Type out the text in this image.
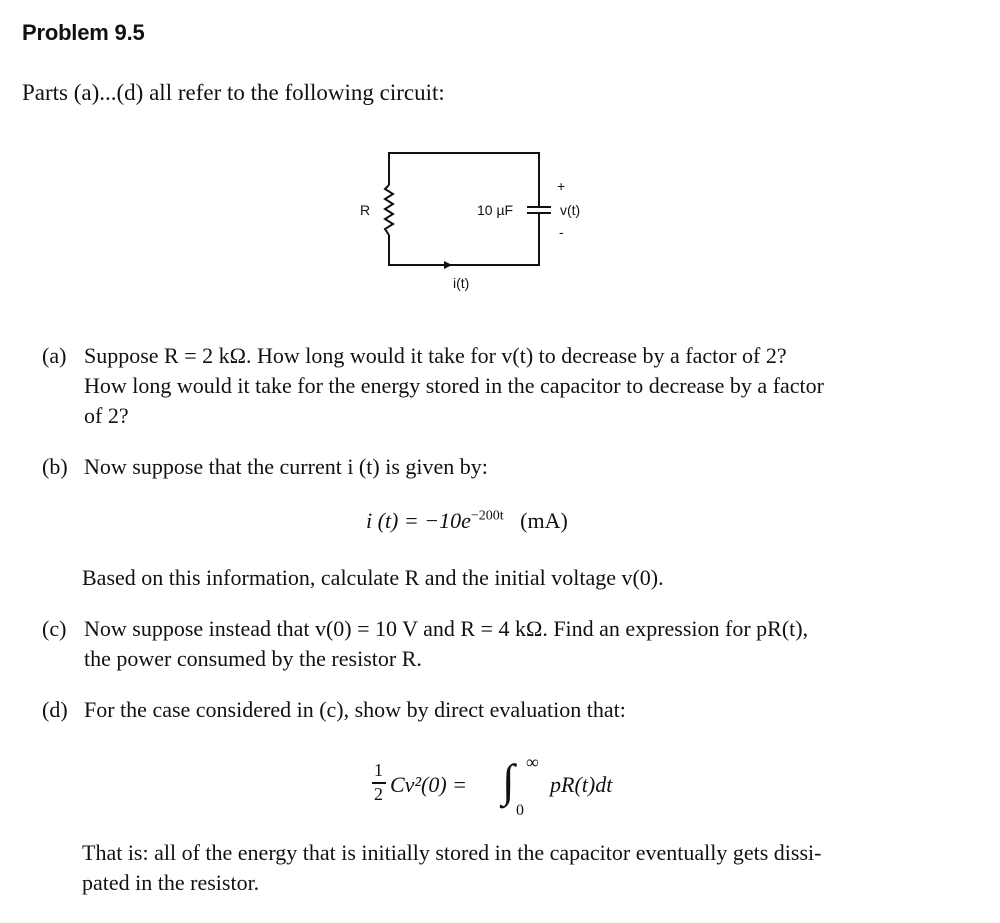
Problem 9.5
Parts (a)...(d) all refer to the following circuit:
R	10 µF
+
v(t)
-
i(t)
(a) Suppose R = 2 kΩ. How long would it take for v(t) to decrease by a factor of 2?
How long would it take for the energy stored in the capacitor to decrease by a factor
of 2?
(b) Now suppose that the current i (t) is given by:
i $(t) = -10e^{-200t}$ (mA)
Based on this information, calculate R and the initial voltage v(0).
(c) Now suppose instead that v(0) = 10 V and R = 4 kΩ. Find an expression for pR(t),
the power consumed by the resistor R.
(d) For the case considered in (c), show by direct evaluation that:
1
2 Cv²(0) = ∫ ∞
0
pR(t)dt
That is: all of the energy that is initially stored in the capacitor eventually gets dissi-
pated in the resistor.
